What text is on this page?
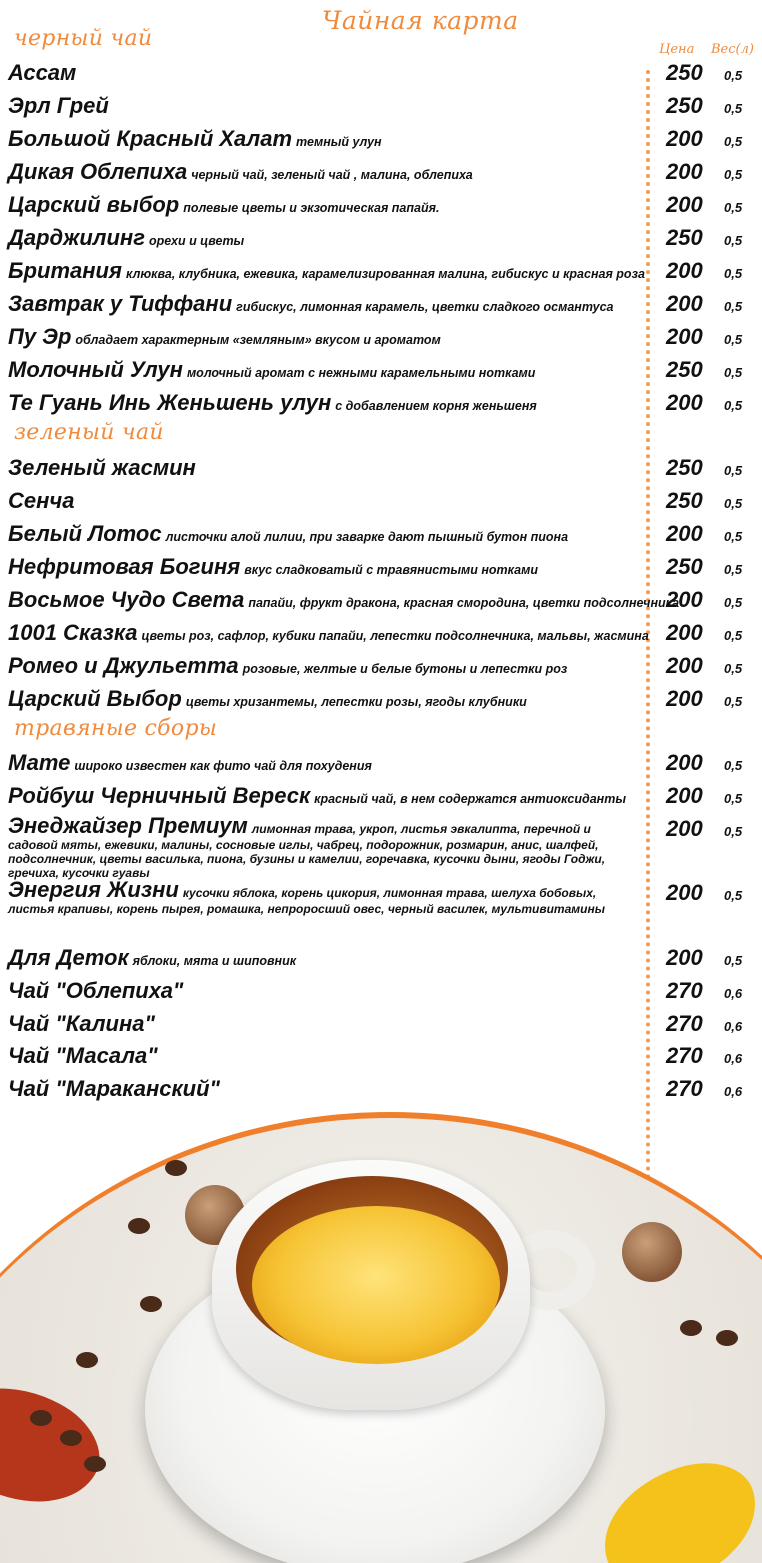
Чайная карта
Цена Вес(л)
черный чай
Ассам	250	0,5
Эрл Грей	250	0,5
Большой Красный Халат темный улун	200	0,5
Дикая Облепиха черный чай, зеленый чай , малина, облепиха	200	0,5
Царский выбор полевые цветы и экзотическая папайя.	200	0,5
Дарджилинг орехи и цветы	250	0,5
Британия клюква, клубника, ежевика, карамелизированная малина, гибискус и красная роза 200	0,5
Завтрак у Тиффани гибискус, лимонная карамель, цветки сладкого османтуса	200	0,5
Пу Эр обладает характерным «земляным» вкусом и ароматом	200	0,5
Молочный Улун молочный аромат с нежными карамельными нотками	250	0,5
Те Гуань Инь Женьшень улун с добавлением корня женьшеня	200	0,5
зеленый чай
Зеленый жасмин	250	0,5
Сенча	250	0,5
Белый Лотос листочки алой лилии, при заварке дают пышный бутон пиона	200	0,5
Нефритовая Богиня вкус сладковатый с травянистыми нотками	250	0,5
Восьмое Чудо Света папайи, фрукт дракона, красная смородина, цветки подсолнечника
200	0,5
1001 Сказка цветы роз, сафлор, кубики папайи, лепестки подсолнечника, мальвы, жасмина 200	0,5
Ромео и Джульетта розовые, желтые и белые бутоны и лепестки роз	200	0,5
Царский Выбор цветы хризантемы, лепестки розы, ягоды клубники	200	0,5
травяные сборы
Мате широко известен как фито чай для похудения	200	0,5
Ройбуш Черничный Вереск красный чай, в нем содержатся антиоксиданты	200	0,5
Энеджайзер Премиум лимонная трава, укроп, листья эвкалипта, перечной и садовой мяты, ежевики, малины, сосновые иглы, чабрец, подорожник, розмарин, анис, шалфей, подсолнечник, цветы василька, пиона, бузины и камелии, горечавка, кусочки дыни, ягоды Годжи, гречиха, кусочки гуавы
200	0,5
Энергия Жизни кусочки яблока, корень цикория, лимонная трава, шелуха бобовых, листья крапивы, корень пырея, ромашка, непроросший овес, черный василек, мультивитамины
200	0,5
Для Деток яблоки, мята и шиповник	200	0,5
Чай "Облепиха"	270	0,6
Чай "Калина"	270	0,6
Чай "Масала"	270	0,6
Чай "Мараканский"	270	0,6
